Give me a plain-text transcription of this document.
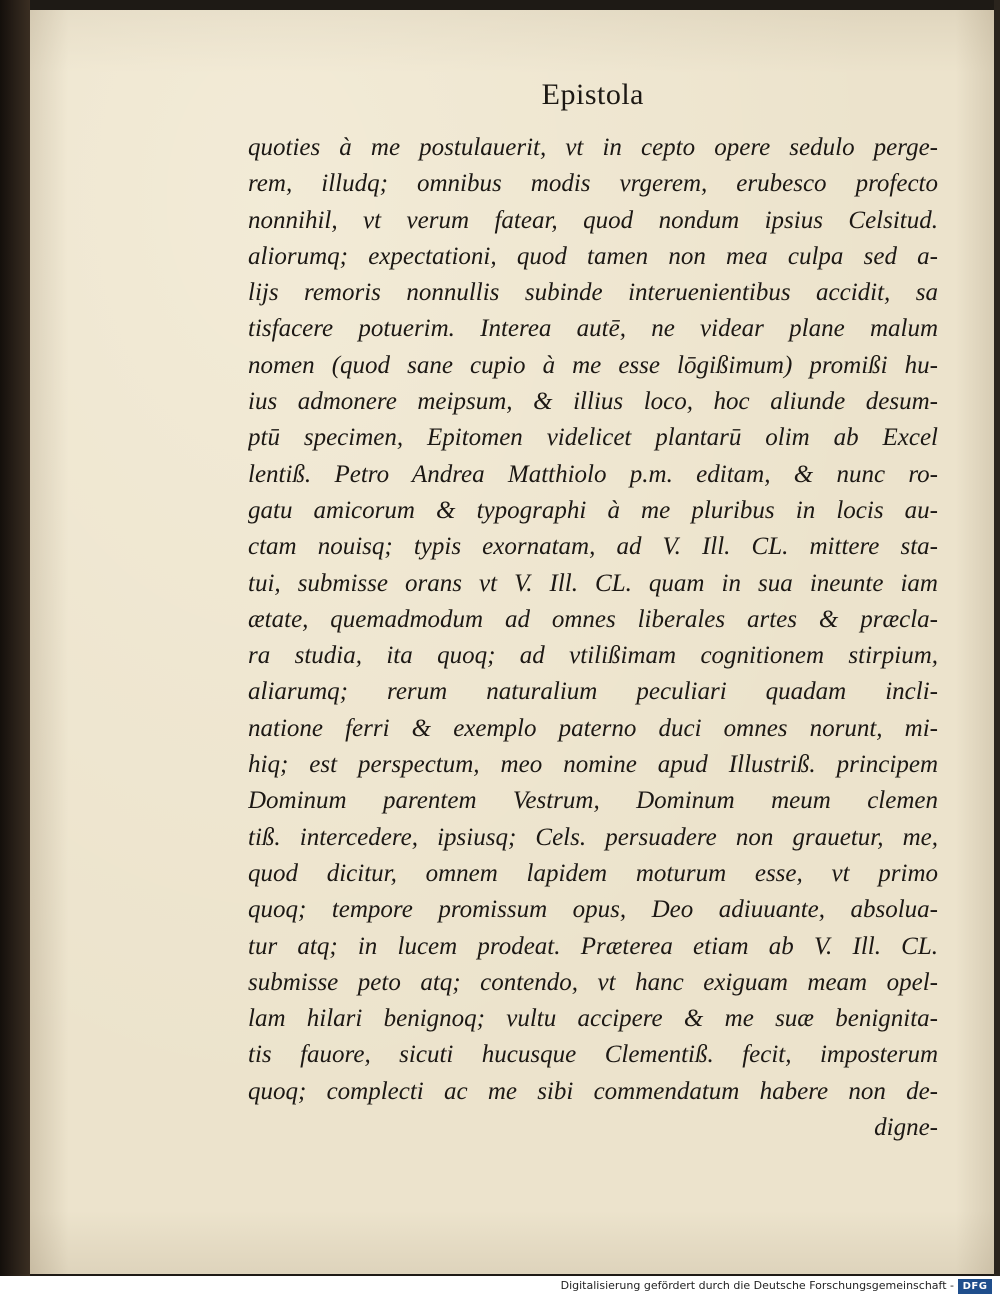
Epistola
quoties à me postulauerit, vt in cepto opere sedulo perge-
rem, illudq; omnibus modis vrgerem, erubesco profecto
nonnihil, vt verum fatear, quod nondum ipsius Celsitud.
aliorumq; expectationi, quod tamen non mea culpa sed a-
lijs remoris nonnullis subinde interuenientibus accidit, sa
tisfacere potuerim. Interea autē, ne videar plane malum
nomen (quod sane cupio à me esse lōgißimum) promißi hu-
ius admonere meipsum, & illius loco, hoc aliunde desum-
ptū specimen, Epitomen videlicet plantarū olim ab Excel
lentiß. Petro Andrea Matthiolo p.m. editam, & nunc ro-
gatu amicorum & typographi à me pluribus in locis au-
ctam nouisq; typis exornatam, ad V. Ill. CL. mittere sta-
tui, submisse orans vt V. Ill. CL. quam in sua ineunte iam
ætate, quemadmodum ad omnes liberales artes & præcla-
ra studia, ita quoq; ad vtilißimam cognitionem stirpium,
aliarumq; rerum naturalium peculiari quadam incli-
natione ferri & exemplo paterno duci omnes norunt, mi-
hiq; est perspectum, meo nomine apud Illustriß. principem
Dominum parentem Vestrum, Dominum meum clemen
tiß. intercedere, ipsiusq; Cels. persuadere non grauetur, me,
quod dicitur, omnem lapidem moturum esse, vt primo
quoq; tempore promissum opus, Deo adiuuante, absolua-
tur atq; in lucem prodeat. Præterea etiam ab V. Ill. CL.
submisse peto atq; contendo, vt hanc exiguam meam opel-
lam hilari benignoq; vultu accipere & me suæ benignita-
tis fauore, sicuti hucusque Clementiß. fecit, imposterum
quoq; complecti ac me sibi commendatum habere non de-
digne-
Digitalisierung gefördert durch die Deutsche Forschungsgemeinschaft - DFG
